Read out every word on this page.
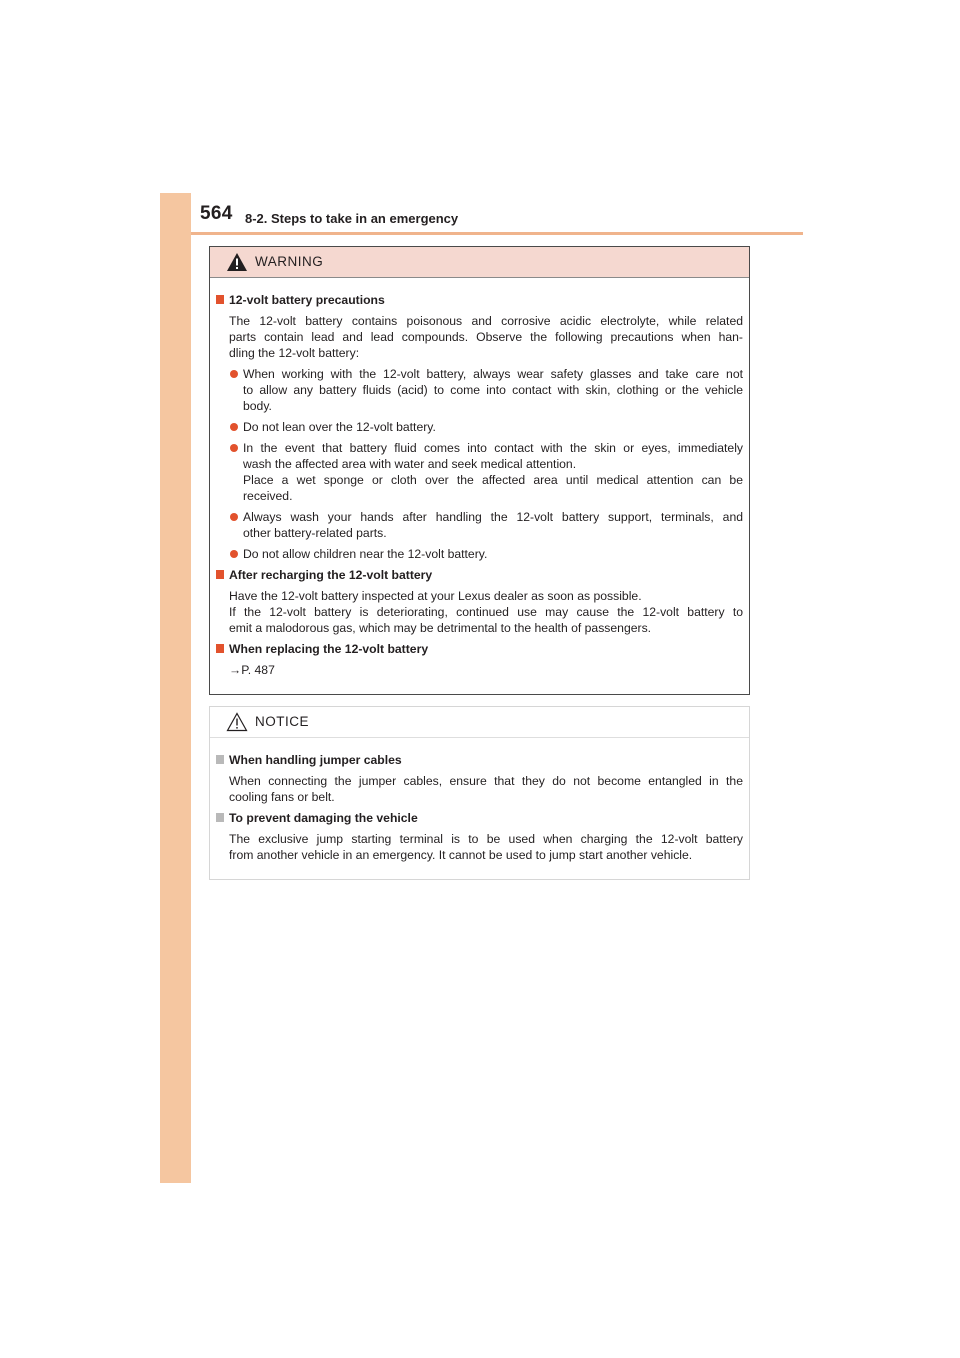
564 8-2. Steps to take in an emergency
WARNING
12-volt battery precautions
The 12-volt battery contains poisonous and corrosive acidic electrolyte, while related
parts contain lead and lead compounds. Observe the following precautions when han-
dling the 12-volt battery:
When working with the 12-volt battery, always wear safety glasses and take care not
to allow any battery fluids (acid) to come into contact with skin, clothing or the vehicle
body.
Do not lean over the 12-volt battery.
In the event that battery fluid comes into contact with the skin or eyes, immediately
wash the affected area with water and seek medical attention.
Place a wet sponge or cloth over the affected area until medical attention can be
received.
Always wash your hands after handling the 12-volt battery support, terminals, and
other battery-related parts.
Do not allow children near the 12-volt battery.
After recharging the 12-volt battery
Have the 12-volt battery inspected at your Lexus dealer as soon as possible.
If the 12-volt battery is deteriorating, continued use may cause the 12-volt battery to
emit a malodorous gas, which may be detrimental to the health of passengers.
When replacing the 12-volt battery
→P. 487
NOTICE
When handling jumper cables
When connecting the jumper cables, ensure that they do not become entangled in the
cooling fans or belt.
To prevent damaging the vehicle
The exclusive jump starting terminal is to be used when charging the 12-volt battery
from another vehicle in an emergency. It cannot be used to jump start another vehicle.
